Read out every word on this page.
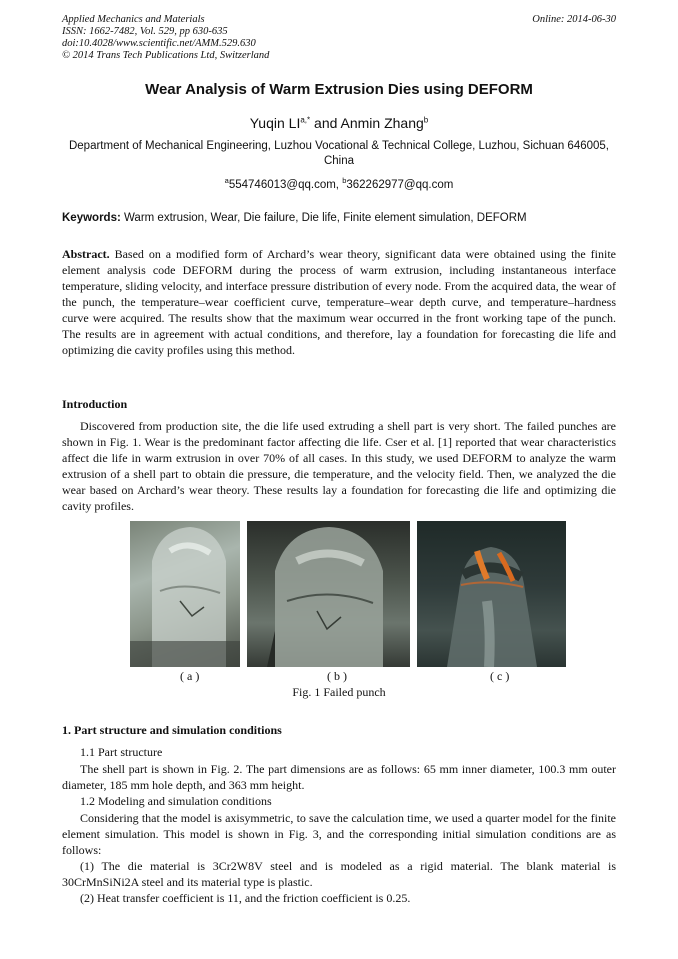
Applied Mechanics and Materials
ISSN: 1662-7482, Vol. 529, pp 630-635
doi:10.4028/www.scientific.net/AMM.529.630
© 2014 Trans Tech Publications Ltd, Switzerland
Online: 2014-06-30
Wear Analysis of Warm Extrusion Dies using DEFORM
Yuqin $LI^{a,*}$ and Anmin Zhang$^b$
Department of Mechanical Engineering, Luzhou Vocational & Technical College, Luzhou, Sichuan 646005, China
$^a$554746013@qq.com, $^b$362262977@qq.com
Keywords: Warm extrusion, Wear, Die failure, Die life, Finite element simulation, DEFORM
Abstract. Based on a modified form of Archard’s wear theory, significant data were obtained using the finite element analysis code DEFORM during the process of warm extrusion, including instantaneous interface temperature, sliding velocity, and interface pressure distribution of every node. From the acquired data, the wear of the punch, the temperature–wear coefficient curve, temperature–wear depth curve, and temperature–hardness curve were acquired. The results show that the maximum wear occurred in the front working tape of the punch. The results are in agreement with actual conditions, and therefore, lay a foundation for forecasting die life and optimizing die cavity profiles using this method.
Introduction
Discovered from production site, the die life used extruding a shell part is very short. The failed punches are shown in Fig. 1. Wear is the predominant factor affecting die life. Cser et al. [1] reported that wear characteristics affect die life in warm extrusion in over 70% of all cases. In this study, we used DEFORM to analyze the warm extrusion of a shell part to obtain die pressure, die temperature, and the velocity field. Then, we analyzed the die wear based on Archard’s wear theory. These results lay a foundation for forecasting die life and optimizing die cavity profiles.
( a )	( b )	( c )
Fig. 1 Failed punch
1. Part structure and simulation conditions
1.1 Part structure
The shell part is shown in Fig. 2. The part dimensions are as follows: 65 mm inner diameter, 100.3 mm outer diameter, 185 mm hole depth, and 363 mm height.
1.2 Modeling and simulation conditions
Considering that the model is axisymmetric, to save the calculation time, we used a quarter model for the finite element simulation. This model is shown in Fig. 3, and the corresponding initial simulation conditions are as follows:
(1) The die material is 3Cr2W8V steel and is modeled as a rigid material. The blank material is 30CrMnSiNi2A steel and its material type is plastic.
(2) Heat transfer coefficient is 11, and the friction coefficient is 0.25.
